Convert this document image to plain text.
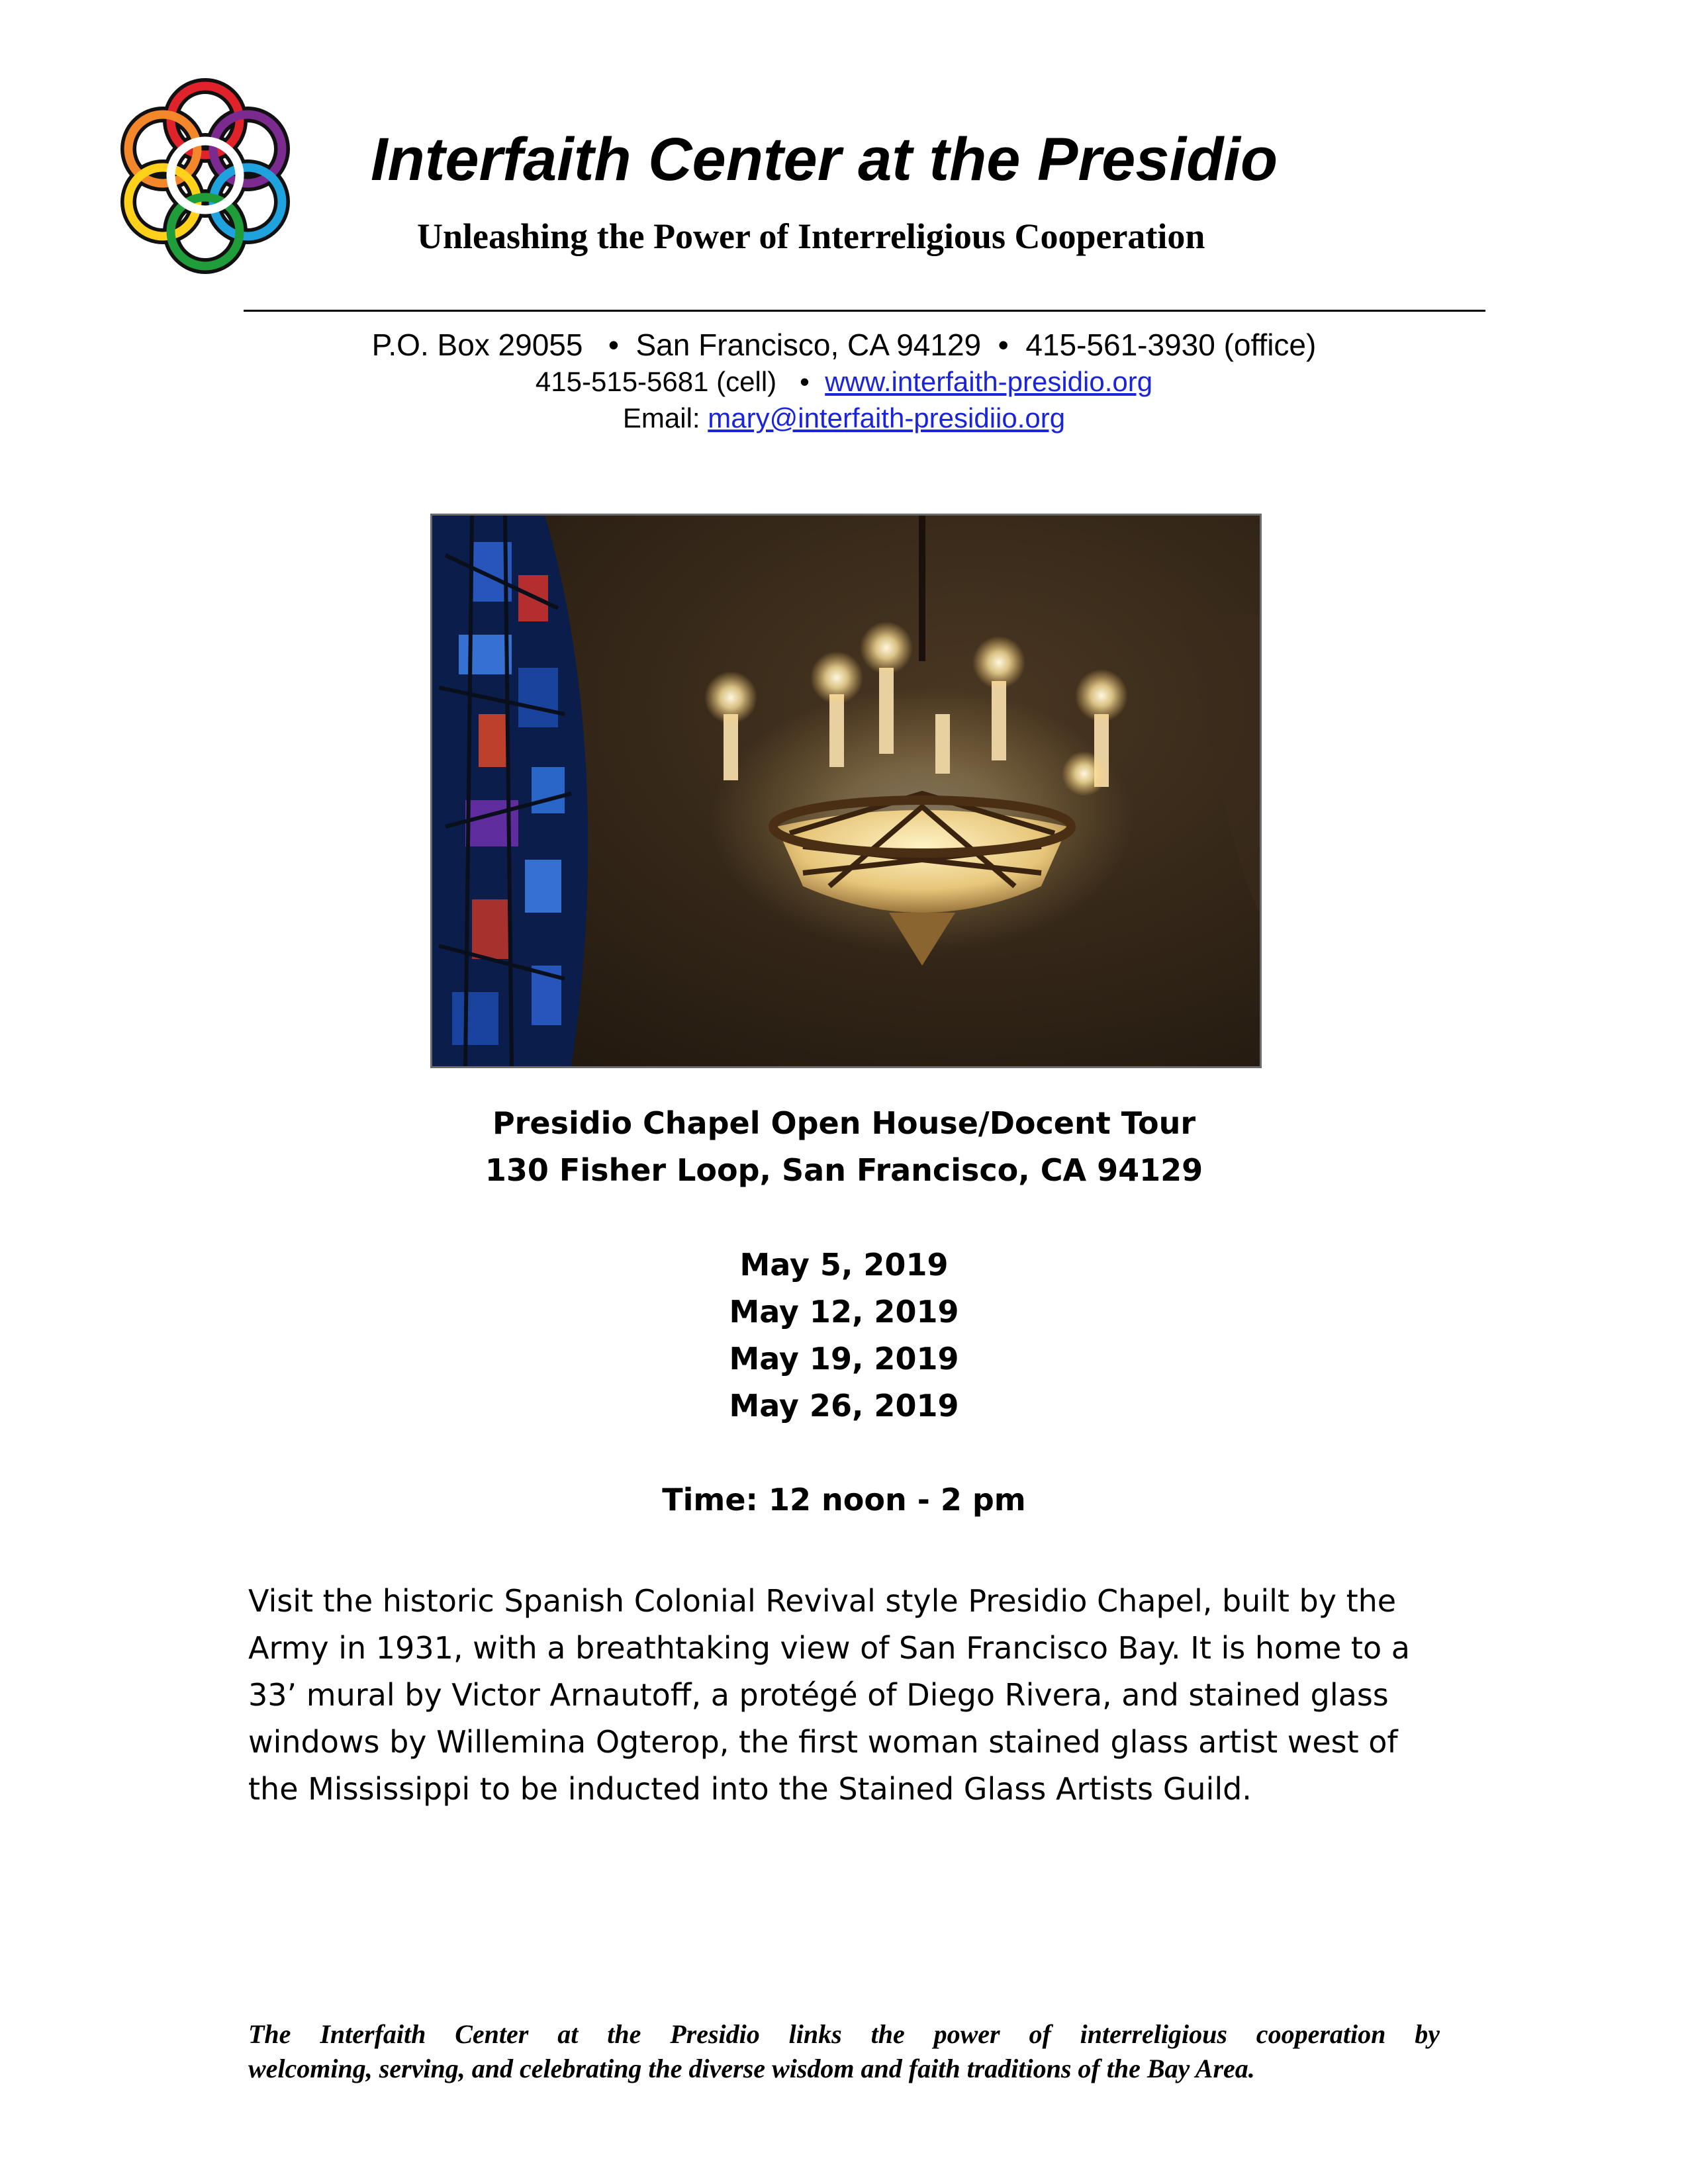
Interfaith Center at the Presidio
Unleashing the Power of Interreligious Cooperation
P.O. Box 29055   •  San Francisco, CA 94129  •  415-561-3930 (office)
415-515-5681 (cell)   •  www.interfaith-presidio.org
Email: mary@interfaith-presidiio.org
Presidio Chapel Open House/Docent Tour
130 Fisher Loop, San Francisco, CA 94129
May 5, 2019
May 12, 2019
May 19, 2019
May 26, 2019
Time: 12 noon - 2 pm

Visit the historic Spanish Colonial Revival style Presidio Chapel, built by the
Army in 1931, with a breathtaking view of San Francisco Bay. It is home to a
33’ mural by Victor Arnautoff, a protégé of Diego Rivera, and stained glass
windows by Willemina Ogterop, the first woman stained glass artist west of
the Mississippi to be inducted into the Stained Glass Artists Guild.

The Interfaith Center at the Presidio links the power of interreligious cooperation by
welcoming, serving, and celebrating the diverse wisdom and faith traditions of the Bay Area.
